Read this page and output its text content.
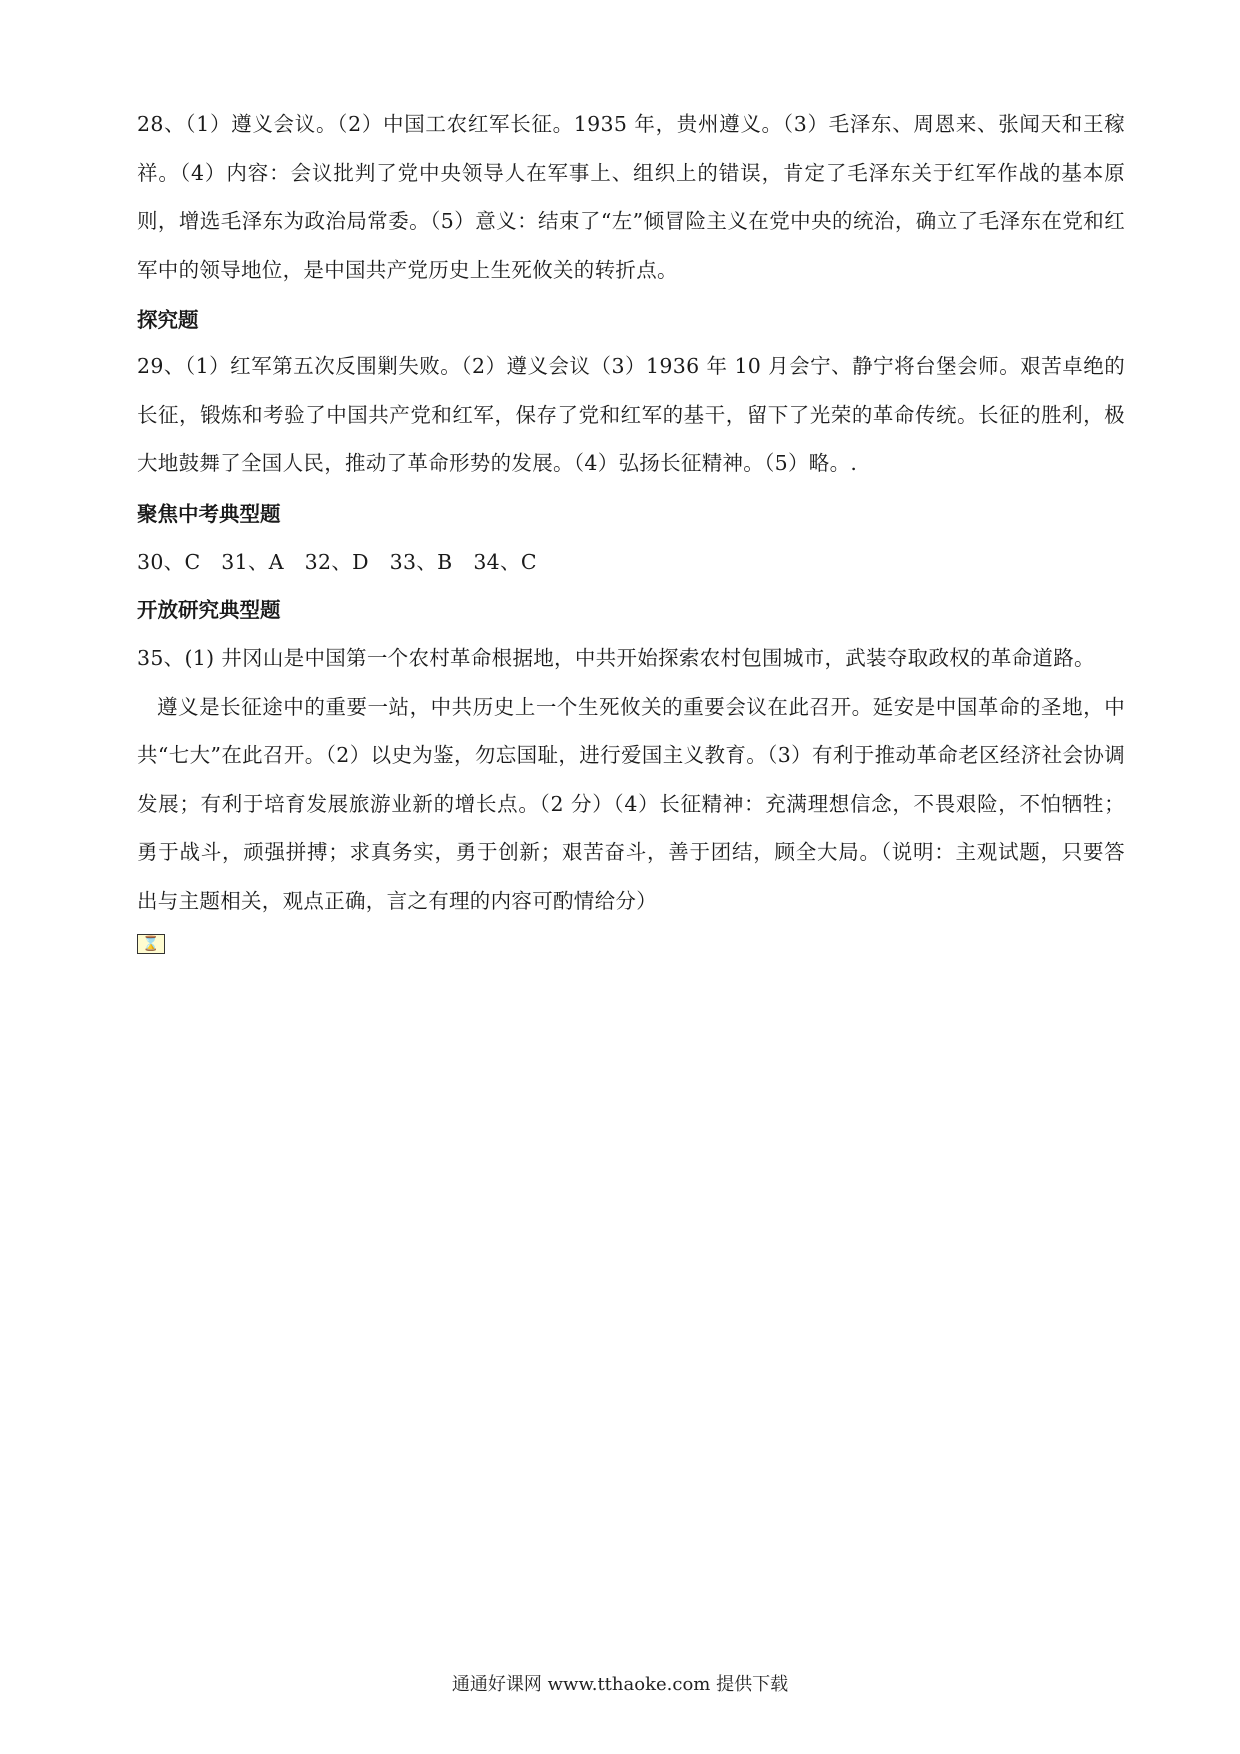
28、（1）遵义会议。（2）中国工农红军长征。1935 年，贵州遵义。（3）毛泽东、周恩来、张闻天和王稼祥。（4）内容：会议批判了党中央领导人在军事上、组织上的错误，肯定了毛泽东关于红军作战的基本原则，增选毛泽东为政治局常委。（5）意义：结束了“左”倾冒险主义在党中央的统治，确立了毛泽东在党和红军中的领导地位，是中国共产党历史上生死攸关的转折点。

探究题

29、（1）红军第五次反围剿失败。（2）遵义会议（3）1936 年 10 月会宁、静宁将台堡会师。艰苦卓绝的长征，锻炼和考验了中国共产党和红军，保存了党和红军的基干，留下了光荣的革命传统。长征的胜利，极大地鼓舞了全国人民，推动了革命形势的发展。（4）弘扬长征精神。（5）略。.

聚焦中考典型题

30、C　31、A　32、D　33、B　34、C

开放研究典型题

35、(1) 井冈山是中国第一个农村革命根据地，中共开始探索农村包围城市，武装夺取政权的革命道路。

遵义是长征途中的重要一站，中共历史上一个生死攸关的重要会议在此召开。延安是中国革命的圣地，中共“七大”在此召开。（2）以史为鉴，勿忘国耻，进行爱国主义教育。（3）有利于推动革命老区经济社会协调发展；有利于培育发展旅游业新的增长点。（2 分）（4）长征精神：充满理想信念，不畏艰险，不怕牺牲；勇于战斗，顽强拼搏；求真务实，勇于创新；艰苦奋斗，善于团结，顾全大局。（说明：主观试题，只要答出与主题相关，观点正确，言之有理的内容可酌情给分）
⌛
通通好课网 www.tthaoke.com 提供下载
